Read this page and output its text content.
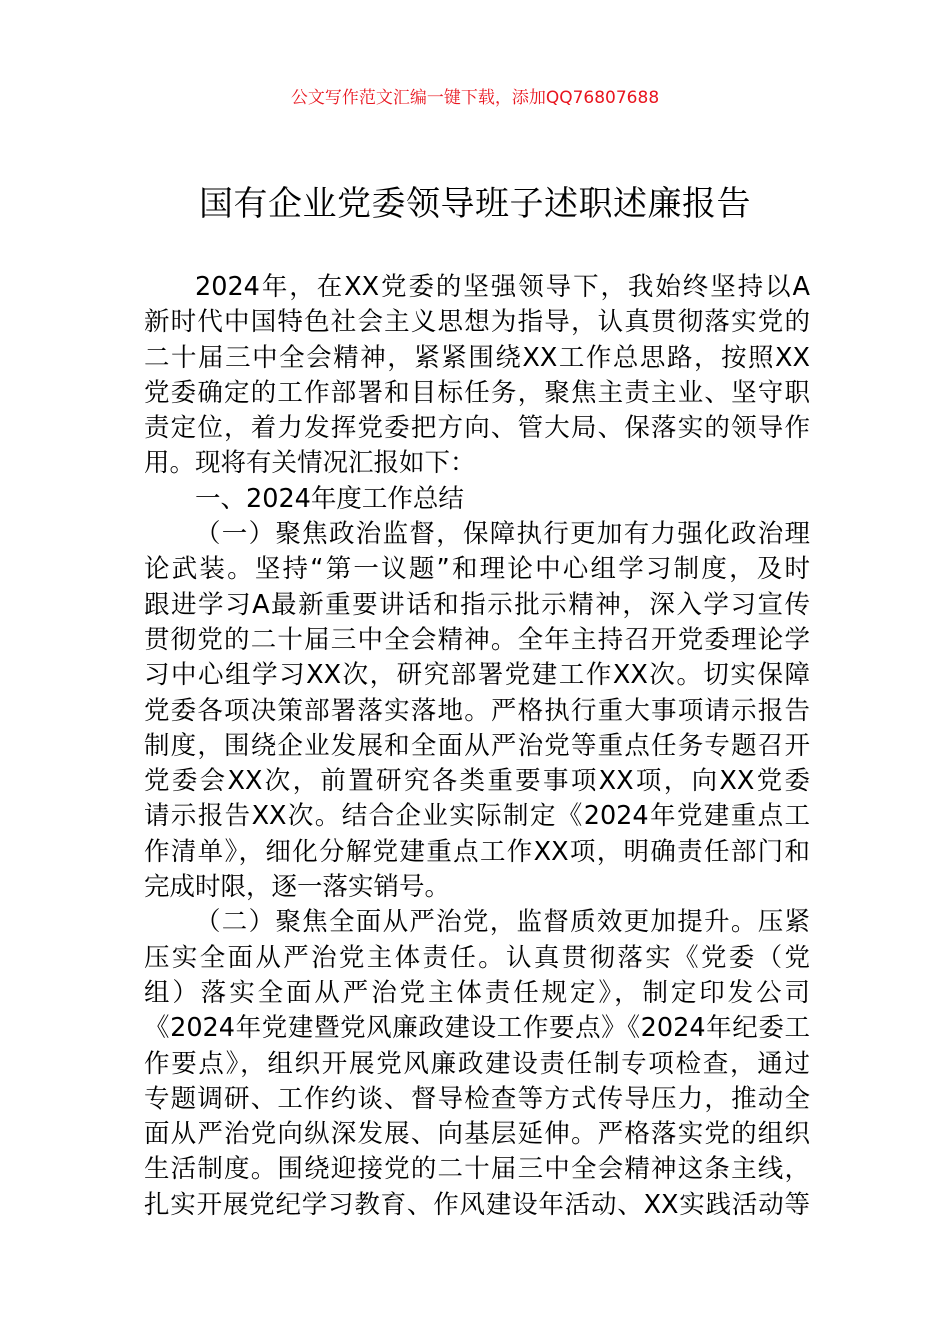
公文写作范文汇编一键下载，添加QQ76807688
国有企业党委领导班子述职述廉报告
2024年，在XX党委的坚强领导下，我始终坚持以A
新时代中国特色社会主义思想为指导，认真贯彻落实党的
二十届三中全会精神，紧紧围绕XX工作总思路，按照XX
党委确定的工作部署和目标任务，聚焦主责主业、坚守职
责定位，着力发挥党委把方向、管大局、保落实的领导作
用。现将有关情况汇报如下：
一、2024年度工作总结
（一）聚焦政治监督，保障执行更加有力强化政治理
论武装。坚持“第一议题”和理论中心组学习制度，及时
跟进学习A最新重要讲话和指示批示精神，深入学习宣传
贯彻党的二十届三中全会精神。全年主持召开党委理论学
习中心组学习XX次，研究部署党建工作XX次。切实保障
党委各项决策部署落实落地。严格执行重大事项请示报告
制度，围绕企业发展和全面从严治党等重点任务专题召开
党委会XX次，前置研究各类重要事项XX项，向XX党委
请示报告XX次。结合企业实际制定《2024年党建重点工
作清单》，细化分解党建重点工作XX项，明确责任部门和
完成时限，逐一落实销号。
（二）聚焦全面从严治党，监督质效更加提升。压紧
压实全面从严治党主体责任。认真贯彻落实《党委（党
组）落实全面从严治党主体责任规定》，制定印发公司
《2024年党建暨党风廉政建设工作要点》《2024年纪委工
作要点》，组织开展党风廉政建设责任制专项检查，通过
专题调研、工作约谈、督导检查等方式传导压力，推动全
面从严治党向纵深发展、向基层延伸。严格落实党的组织
生活制度。围绕迎接党的二十届三中全会精神这条主线，
扎实开展党纪学习教育、作风建设年活动、XX实践活动等
